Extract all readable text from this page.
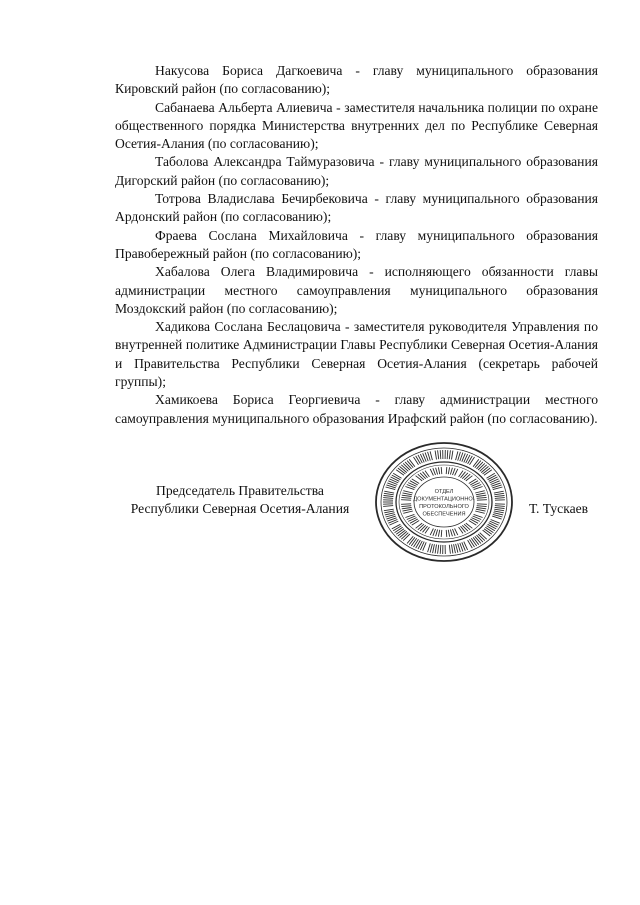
Накусова Бориса Дагкоевича - главу муниципального образования Кировский район (по согласованию);

Сабанаева Альберта Алиевича - заместителя начальника полиции по охране общественного порядка Министерства внутренних дел по Республике Северная Осетия-Алания (по согласованию);

Таболова Александра Таймуразовича - главу муниципального образования Дигорский район (по согласованию);

Тотрова Владислава Бечирбековича - главу муниципального образования Ардонский район (по согласованию);

Фраева Сослана Михайловича - главу муниципального образования Правобережный район (по согласованию);

Хабалова Олега Владимировича - исполняющего обязанности главы администрации местного самоуправления муниципального образования Моздокский район (по согласованию);

Хадикова Сослана Беслацовича - заместителя руководителя Управления по внутренней политике Администрации Главы Республики Северная Осетия-Алания и Правительства Республики Северная Осетия-Алания (секретарь рабочей группы);

Хамикоева Бориса Георгиевича - главу администрации местного самоуправления муниципального образования Ирафский район (по согласованию).

Председатель Правительства
Республики Северная Осетия-Алания	Т. Тускаев
ОТДЕЛ
ДОКУМЕНТАЦИОННО-
ПРОТОКОЛЬНОГО
ОБЕСПЕЧЕНИЯ
